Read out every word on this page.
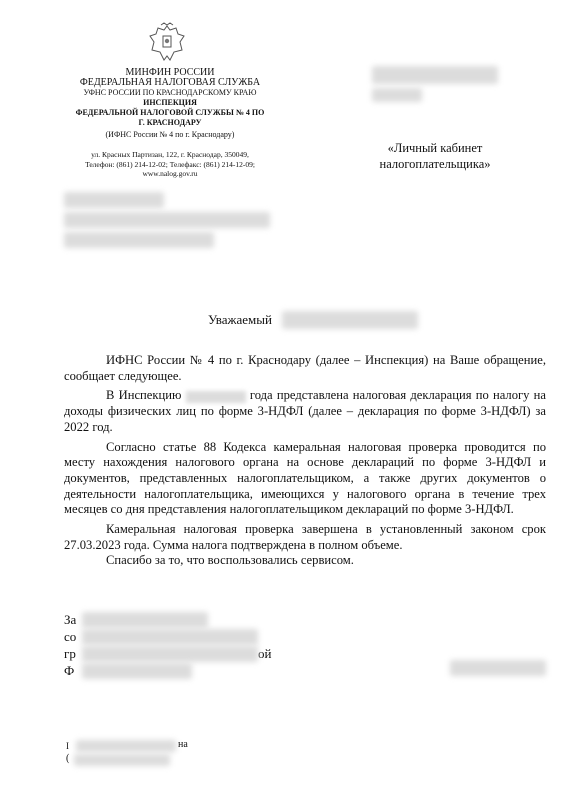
МИНФИН РОССИИ
ФЕДЕРАЛЬНАЯ НАЛОГОВАЯ СЛУЖБА
УФНС РОССИИ ПО КРАСНОДАРСКОМУ КРАЮ
ИНСПЕКЦИЯ
ФЕДЕРАЛЬНОЙ НАЛОГОВОЙ СЛУЖБЫ № 4 ПО
Г. КРАСНОДАРУ
(ИФНС России № 4 по г. Краснодару)
ул. Красных Партизан, 122, г. Краснодар, 350049,
Телефон: (861) 214-12-02; Телефакс: (861) 214-12-09;
www.nalog.gov.ru
«Личный кабинет
налогоплательщика»
Уважаемый

ИФНС России № 4 по г. Краснодару (далее – Инспекция) на Ваше обращение, сообщает следующее.

В Инспекцию	года представлена налоговая декларация по налогу на доходы физических лиц по форме 3-НДФЛ (далее – декларация по форме 3-НДФЛ) за 2022 год.

Согласно статье 88 Кодекса камеральная налоговая проверка проводится по месту нахождения налогового органа на основе деклараций по форме 3-НДФЛ и документов, представленных налогоплательщиком, а также других документов о деятельности налогоплательщика, имеющихся у налогового органа в течение трех месяцев со дня представления налогоплательщиком деклараций по форме 3-НДФЛ.

Камеральная налоговая проверка завершена в установленный законом срок 27.03.2023 года. Сумма налога подтверждена в полном объеме.

Спасибо за то, что воспользовались сервисом.

За
со
гр	ой
Ф
Ι	на
(
